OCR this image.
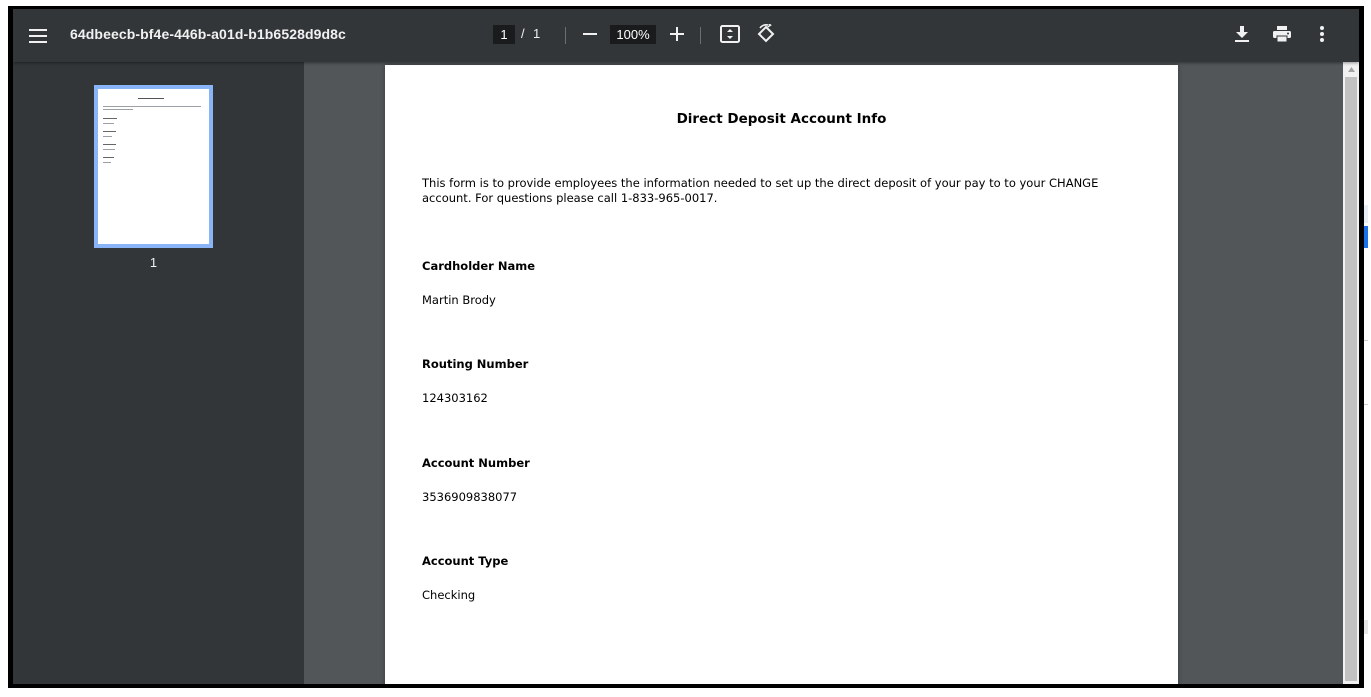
64dbeecb-bf4e-446b-a01d-b1b6528d9d8c	1	/ 1	100%
1
Direct Deposit Account Info
This form is to provide employees the information needed to set up the direct deposit of your pay to to your CHANGE account. For questions please call 1-833-965-0017.
Cardholder Name
Martin Brody
Routing Number
124303162
Account Number
3536909838077
Account Type
Checking
